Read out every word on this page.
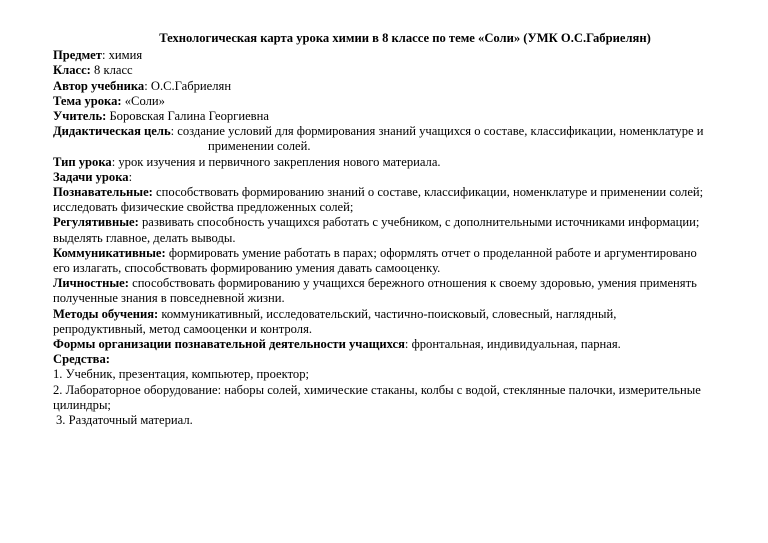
Технологическая карта урока химии в 8 классе по теме «Соли» (УМК О.С.Габриелян)
Предмет: химия
Класс: 8 класс
Автор учебника: О.С.Габриелян
Тема урока: «Соли»
Учитель: Боровская Галина Георгиевна
Дидактическая цель: создание условий для формирования знаний учащихся о составе, классификации, номенклатуре и
применении солей.
Тип урока: урок изучения и первичного закрепления нового материала.
Задачи урока:
Познавательные: способствовать формированию знаний о составе, классификации, номенклатуре и применении солей;
исследовать физические свойства предложенных солей;
Регулятивные: развивать способность учащихся работать с учебником, с дополнительными источниками информации;
выделять главное, делать выводы.
Коммуникативные: формировать умение работать в парах; оформлять отчет о проделанной работе и аргументировано
его излагать, способствовать формированию умения давать самооценку.
Личностные: способствовать формированию у учащихся бережного отношения к своему здоровью, умения применять
полученные знания в повседневной жизни.
Методы обучения: коммуникативный, исследовательский, частично-поисковый, словесный, наглядный,
репродуктивный, метод самооценки и контроля.
Формы организации познавательной деятельности учащихся: фронтальная, индивидуальная, парная.
Средства:
1. Учебник, презентация, компьютер, проектор;
2. Лабораторное оборудование: наборы солей, химические стаканы, колбы с водой, стеклянные палочки, измерительные
цилиндры;
3. Раздаточный материал.
